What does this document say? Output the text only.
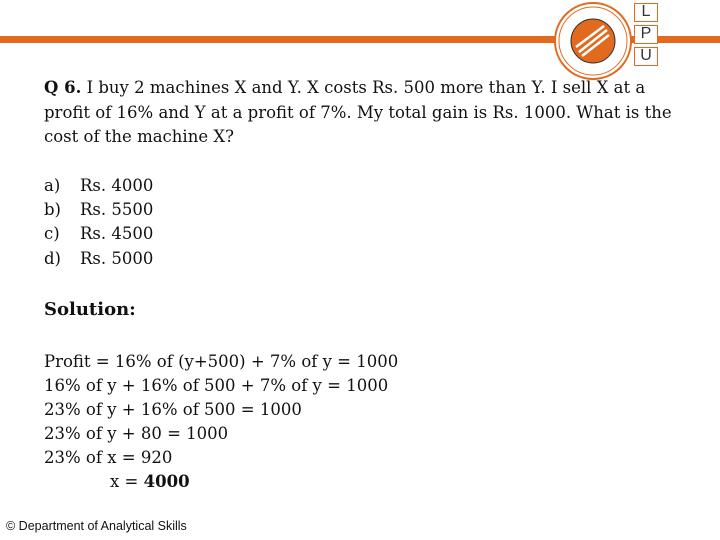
L
P
U

Q 6. I buy 2 machines X and Y. X costs Rs. 500 more than Y. I sell X at a profit of 16% and Y at a profit of 7%. My total gain is Rs. 1000. What is the cost of the machine X?

a)	Rs. 4000
b)	Rs. 5500
c)	Rs. 4500
d)	Rs. 5000
Solution:
Profit = 16% of (y+500) + 7% of y = 1000
16% of y + 16% of 500 + 7% of y = 1000
23% of y + 16% of 500 = 1000
23% of y + 80 = 1000
23% of x = 920
x = 4000
© Department of Analytical Skills
